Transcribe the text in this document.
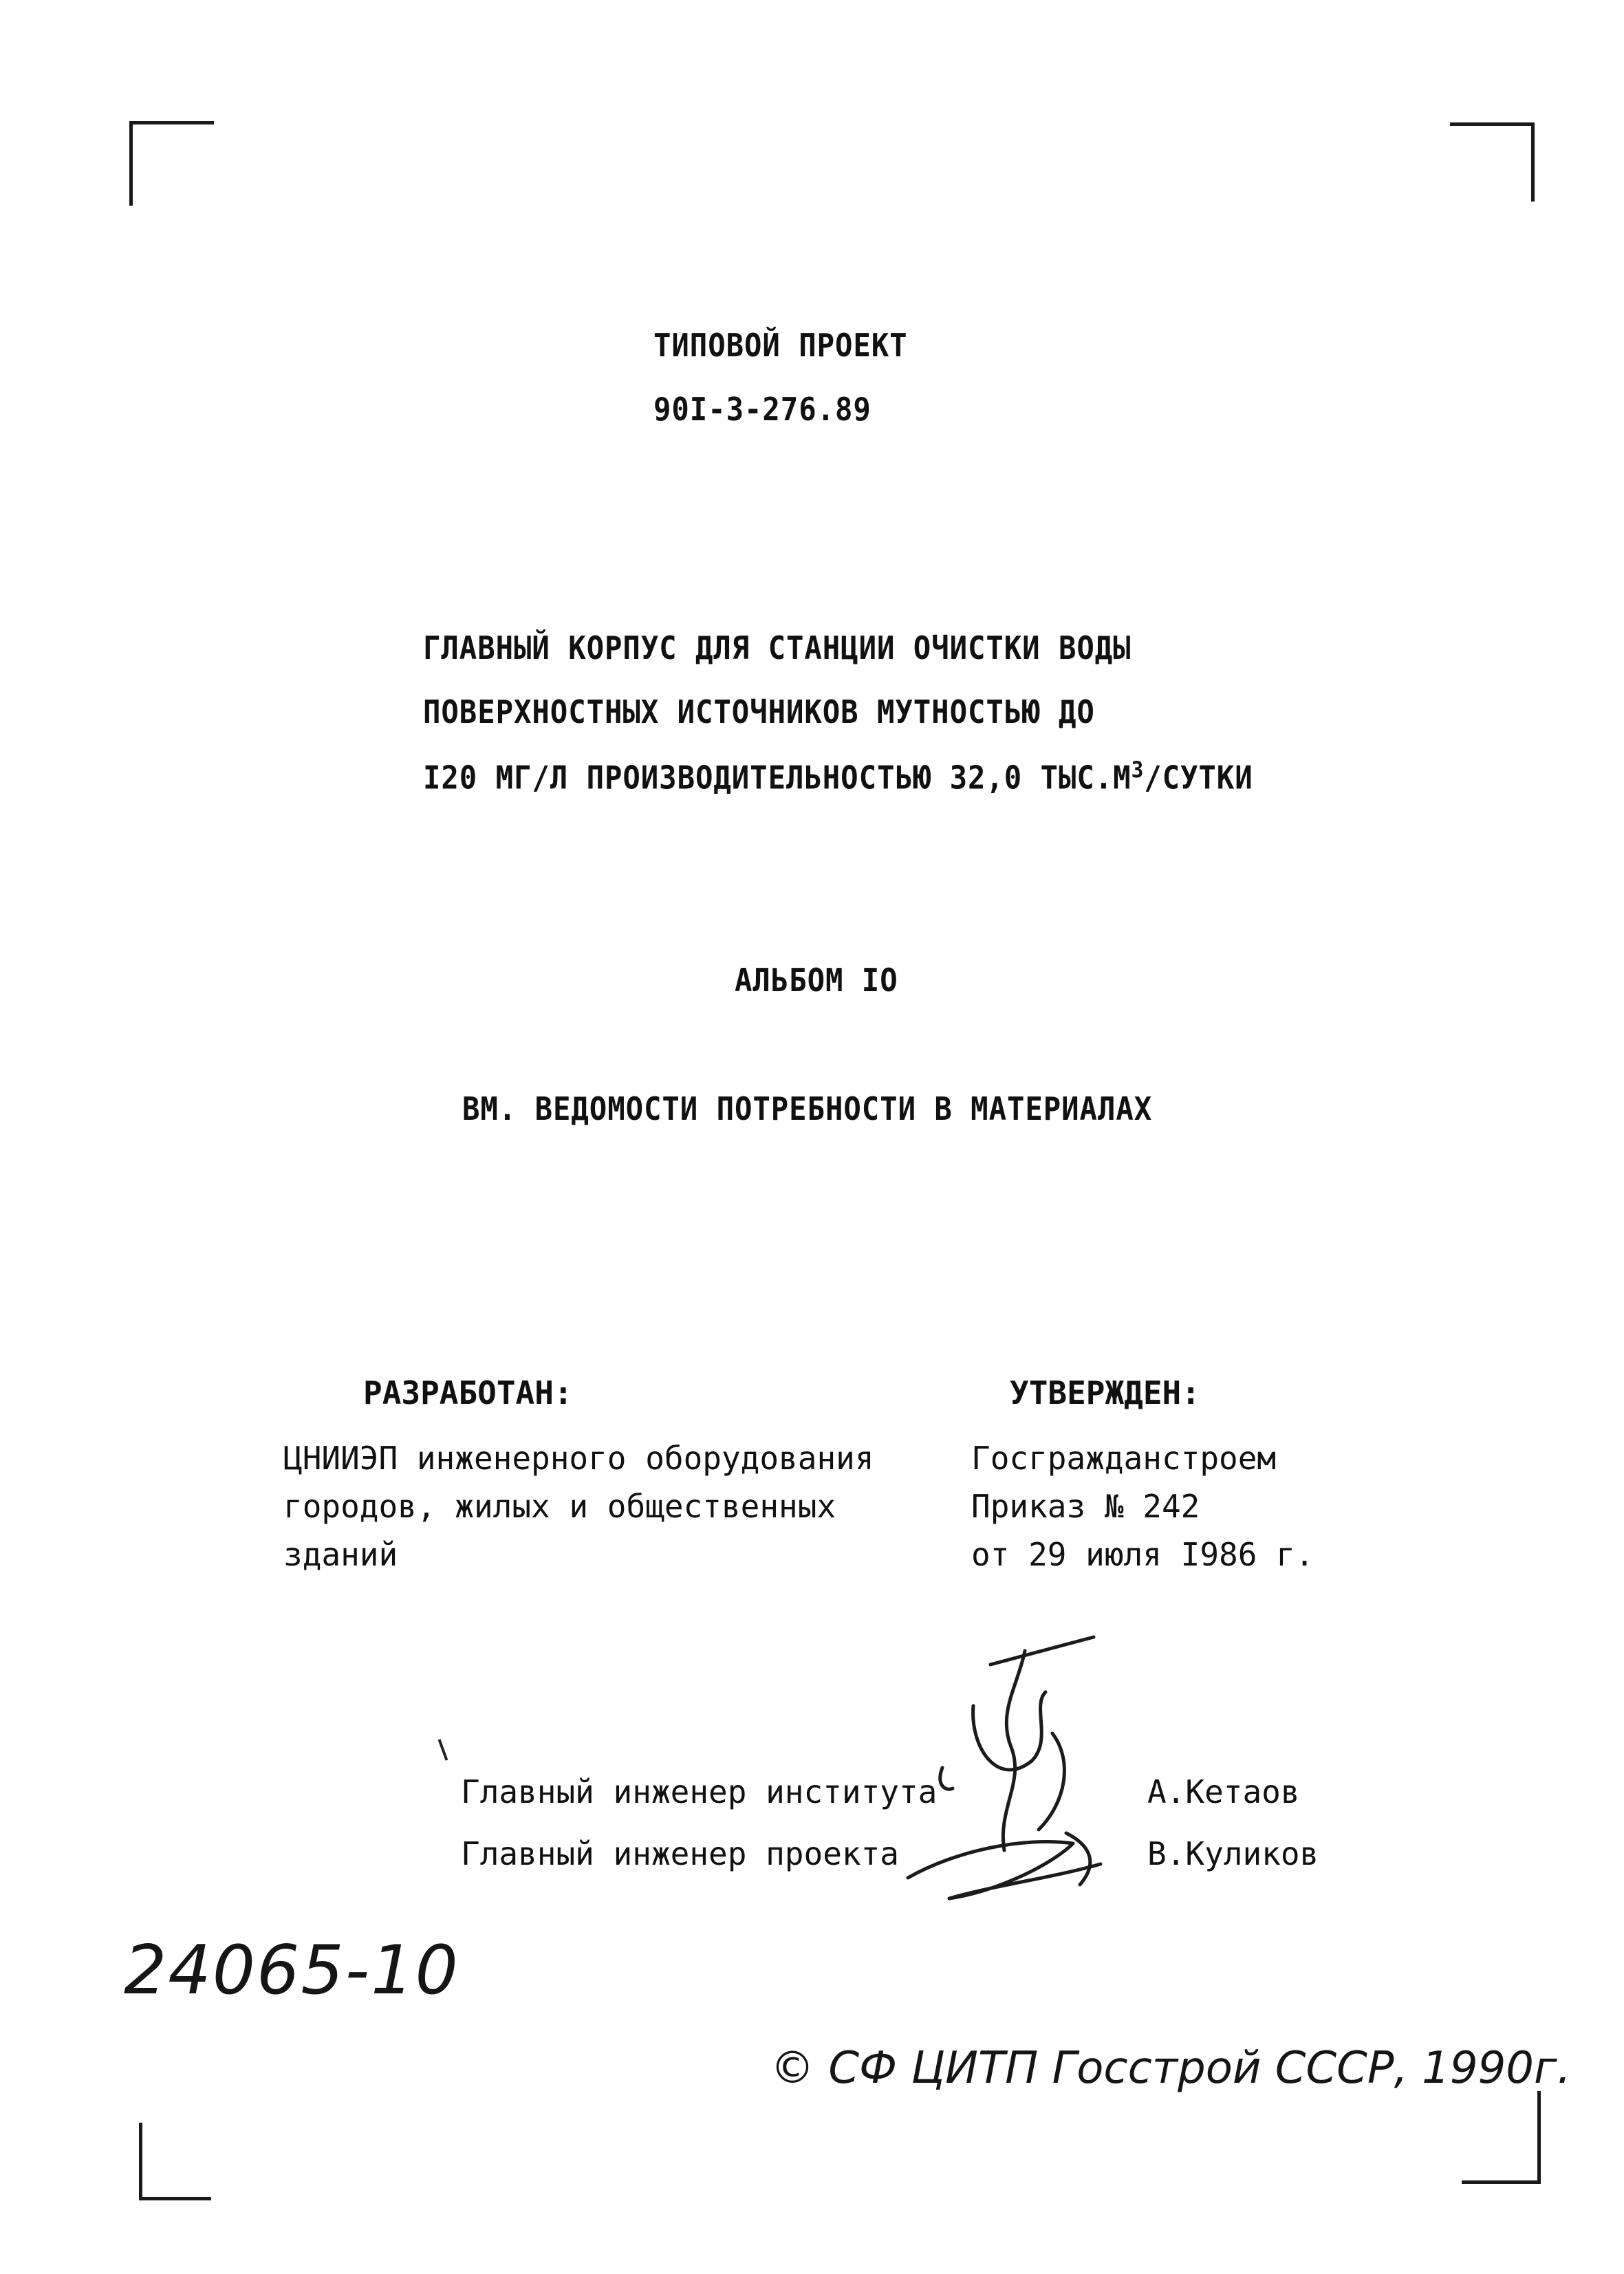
ТИПОВОЙ ПРОЕКТ
90I-3-276.89
ГЛАВНЫЙ КОРПУС ДЛЯ СТАНЦИИ ОЧИСТКИ ВОДЫ
ПОВЕРХНОСТНЫХ ИСТОЧНИКОВ МУТНОСТЬЮ ДО
I20 МГ/Л ПРОИЗВОДИТЕЛЬНОСТЬЮ 32,0 $ТЫС.М^3$/СУТКИ
АЛЬБОМ IO
ВМ. ВЕДОМОСТИ ПОТРЕБНОСТИ В МАТЕРИАЛАХ
РАЗРАБОТАН:
ЦНИИЭП инженерного оборудования
городов, жилых и общественных
зданий
УТВЕРЖДЕН:
Госгражданстроем
Приказ № 242
от 29 июля I986 г.
Главный инженер института	А.Кетаов
Главный инженер проекта	В.Куликов
24065-10
© СФ ЦИТП Госстрой СССР, 1990г.
